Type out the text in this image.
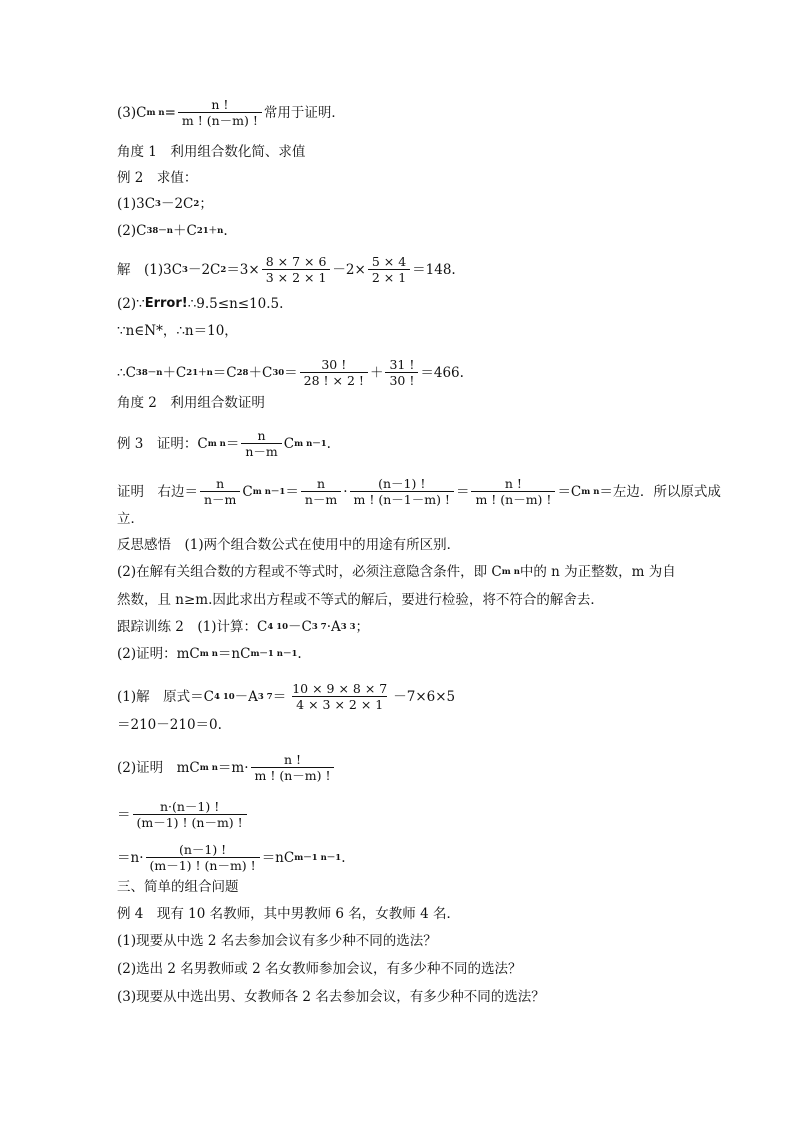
(3)C m $n = \frac{n !}{m ! (n-m) !}$ 常用于证明．
角度 1　利用组合数化简、求值
例 2　求值：
(1)3C 3 －2C 2 ；
(2)C 38－n ＋C 21＋n .
解　(1)3C 3 －2C $2 =3\times \frac{8 \times 7 \times 6}{3 \times 2 \times 1} -2\times \frac{5 \times 4}{2 \times 1} =148$.
(2)∵ Error! ∴9.5≤n≤10.5.
∵n∈N*，∴n＝10，
∴C 38－n ＋C 21＋n ＝C 28 ＋C $30 = \frac{30 !}{28 ! \times 2 !} + \frac{31 !}{30 !} =466$.
角度 2　利用组合数证明
例 3　证明：C m $n = \frac{n}{n-m}$ C m n－1 .
证明　右边＝ $\frac{n}{n-m}$ C m $n-1 = \frac{n}{n-m} \cdot \frac{(n-1) !}{m ! (n-1-m) !} = \frac{n !}{m ! (n-m) !} =C$ m n ＝左边．所以原式成
立．
反思感悟　(1)两个组合数公式在使用中的用途有所区别．
(2)在解有关组合数的方程或不等式时，必须注意隐含条件，即 C m n 中的 n 为正整数，m 为自
然数，且 n≥m.因此求出方程或不等式的解后，要进行检验，将不符合的解舍去．
跟踪训练 2　(1)计算：C 4 10 －C 3 7 ·A 3 3 ；
(2)证明：mC m n ＝nC m－1 n－1 .
(1)解　原式＝C 4 10 －A 3 $7 = \frac{10 \times 9 \times 8 \times 7}{4 \times 3 \times 2 \times 1} -7\times 6\times 5$
＝210－210＝0.
(2)证明　mC m $n =m\cdot \frac{n !}{m ! (n-m) !}$
＝ $\frac{n\cdot(n-1) !}{(m-1) ! (n-m) !}$
$=n\cdot \frac{(n-1) !}{(m-1) ! (n-m) !} =nC$ m－1 n－1 .
三、简单的组合问题
例 4　现有 10 名教师，其中男教师 6 名，女教师 4 名．
(1)现要从中选 2 名去参加会议有多少种不同的选法？
(2)选出 2 名男教师或 2 名女教师参加会议，有多少种不同的选法？
(3)现要从中选出男、女教师各 2 名去参加会议，有多少种不同的选法？
